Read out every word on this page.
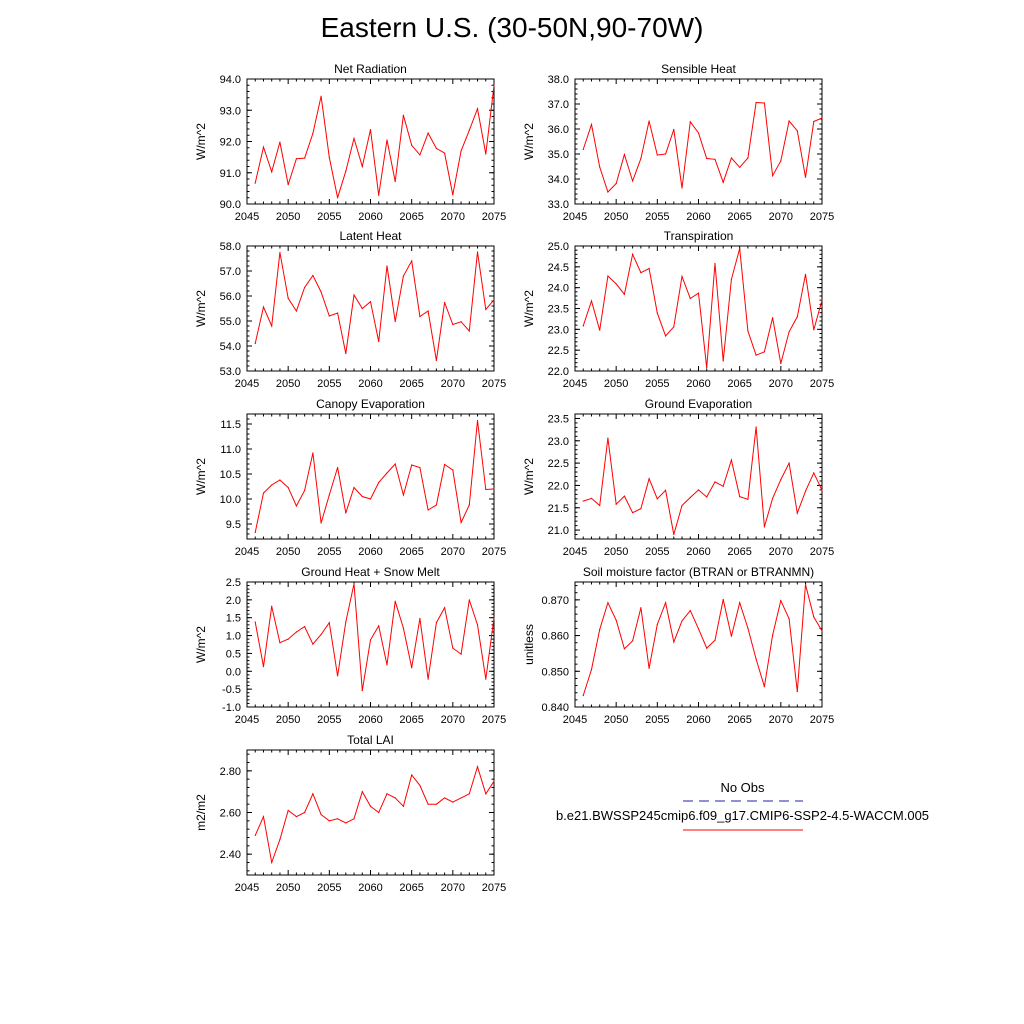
Eastern U.S. (30-50N,90-70W)
2045 2050 2055 2060 2065 2070 2075
90.0
91.0
92.0
93.0
94.0
Net Radiation
W/m^2
2045 2050 2055 2060 2065 2070 2075
33.0
34.0
35.0
36.0
37.0
38.0
Sensible Heat
W/m^2
2045 2050 2055 2060 2065 2070 2075
53.0
54.0
55.0
56.0
57.0
58.0
Latent Heat
W/m^2
2045 2050 2055 2060 2065 2070 2075
22.0
22.5
23.0
23.5
24.0
24.5
25.0
Transpiration
W/m^2
2045 2050 2055 2060 2065 2070 2075
9.5
10.0
10.5
11.0
11.5
Canopy Evaporation
W/m^2
2045 2050 2055 2060 2065 2070 2075
21.0
21.5
22.0
22.5
23.0
23.5
Ground Evaporation
W/m^2
2045 2050 2055 2060 2065 2070 2075
-1.0
-0.5
0.0
0.5
1.0
1.5
2.0
2.5
Ground Heat + Snow Melt
W/m^2
2045 2050 2055 2060 2065 2070 2075
0.840
0.850
0.860
0.870
Soil moisture factor (BTRAN or BTRANMN)
unitless
2045 2050 2055 2060 2065 2070 2075
2.40
2.60
2.80
Total LAI
m2/m2
No Obs
b.e21.BWSSP245cmip6.f09_g17.CMIP6-SSP2-4.5-WACCM.005
